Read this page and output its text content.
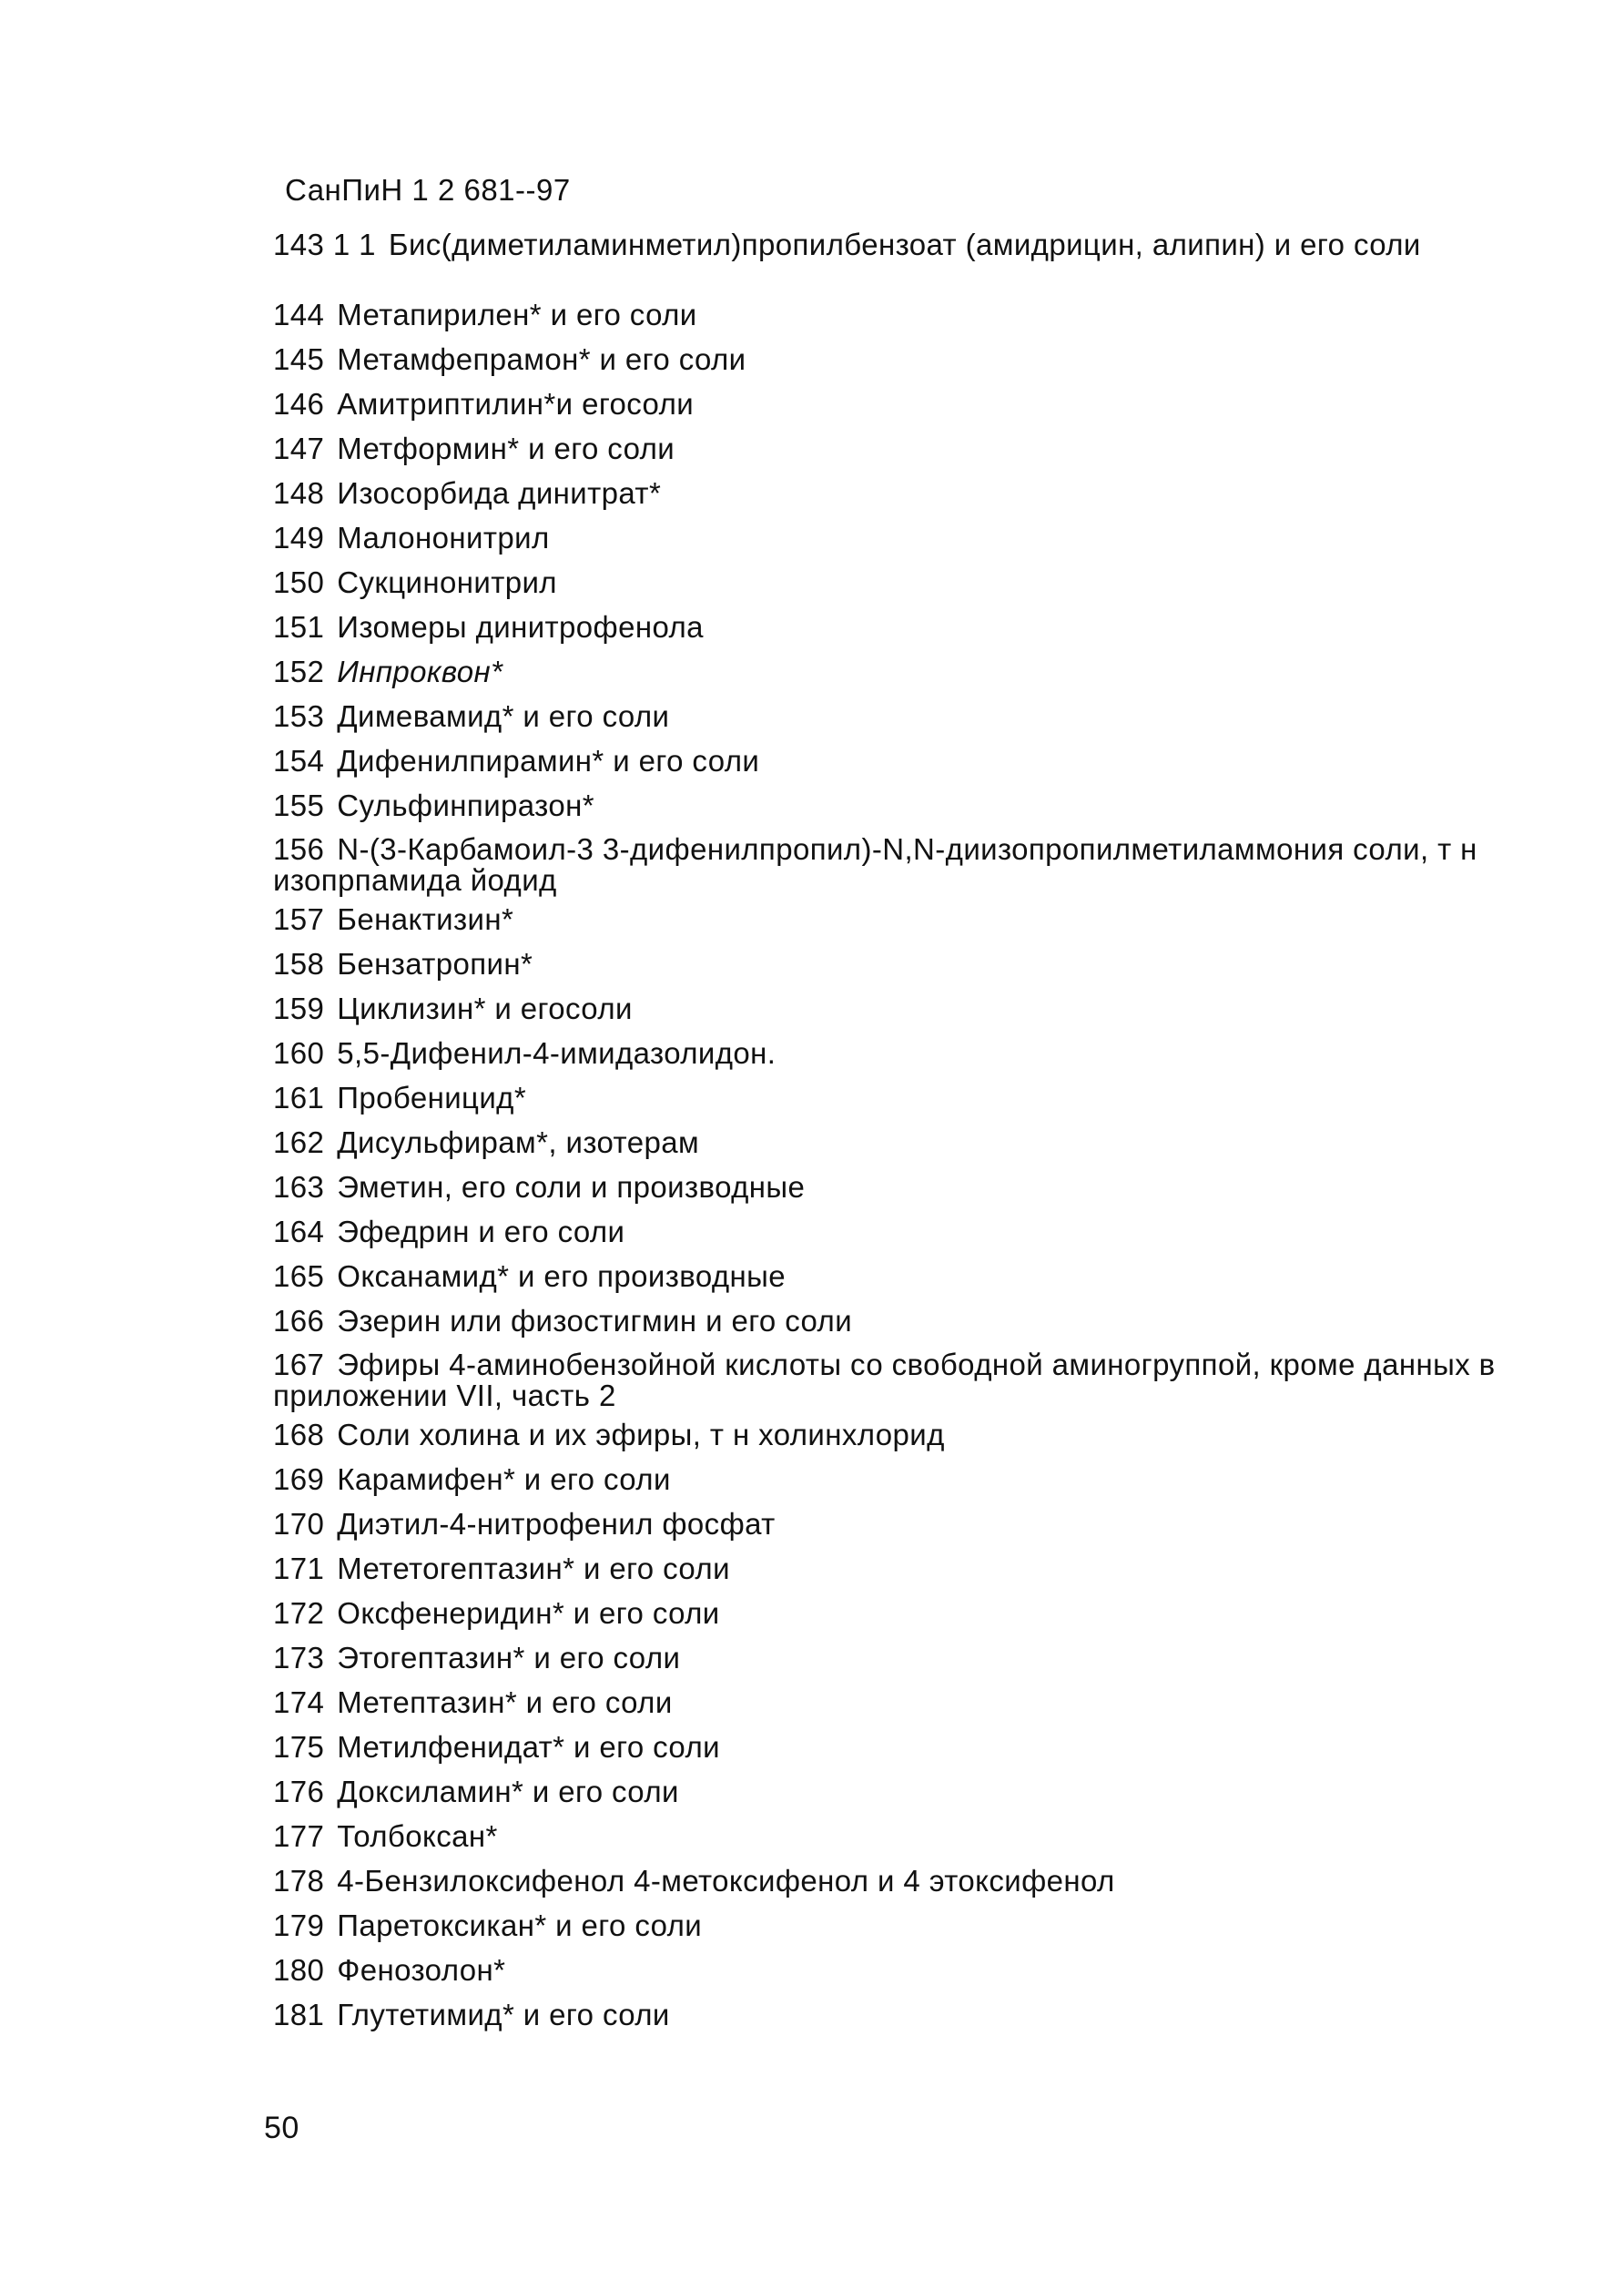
СанПиН 1 2 681--97
143 1 1 Бис(диметиламинметил)пропилбензоат (амидрицин, алипин) и его соли
144 Метапирилен* и его соли
145 Метамфепрамон* и его соли
146 Амитриптилин*и егосоли
147 Метформин* и его соли
148 Изосорбида динитрат*
149 Малононитрил
150 Сукцинонитрил
151 Изомеры динитрофенола
152 Инпроквон*
153 Димевамид* и его соли
154 Дифенилпирамин* и его соли
155 Сульфинпиразон*
156 N-(3-Карбамоил-3 3-дифенилпропил)-N,N-диизопропилметиламмония соли, т н изопрпамида йодид
157 Бенактизин*
158 Бензатропин*
159 Циклизин* и егосоли
160 5,5-Дифенил-4-имидазолидон.
161 Пробеницид*
162 Дисульфирам*, изотерам
163 Эметин, его соли и производные
164 Эфедрин и его соли
165 Оксанамид* и его производные
166 Эзерин или физостигмин и его соли
167 Эфиры 4-аминобензойной кислоты со свободной аминогруппой, кроме данных в приложении VII, часть 2
168 Соли холина и их эфиры, т н холинхлорид
169 Карамифен* и его соли
170 Диэтил-4-нитрофенил фосфат
171 Мететогептазин* и его соли
172 Оксфенеридин* и его соли
173 Этогептазин* и его соли
174 Метептазин* и его соли
175 Метилфенидат* и его соли
176 Доксиламин* и его соли
177 Толбоксан*
178 4-Бензилоксифенол 4-метоксифенол и 4 этоксифенол
179 Паретоксикан* и его соли
180 Фенозолон*
181 Глутетимид* и его соли
50
